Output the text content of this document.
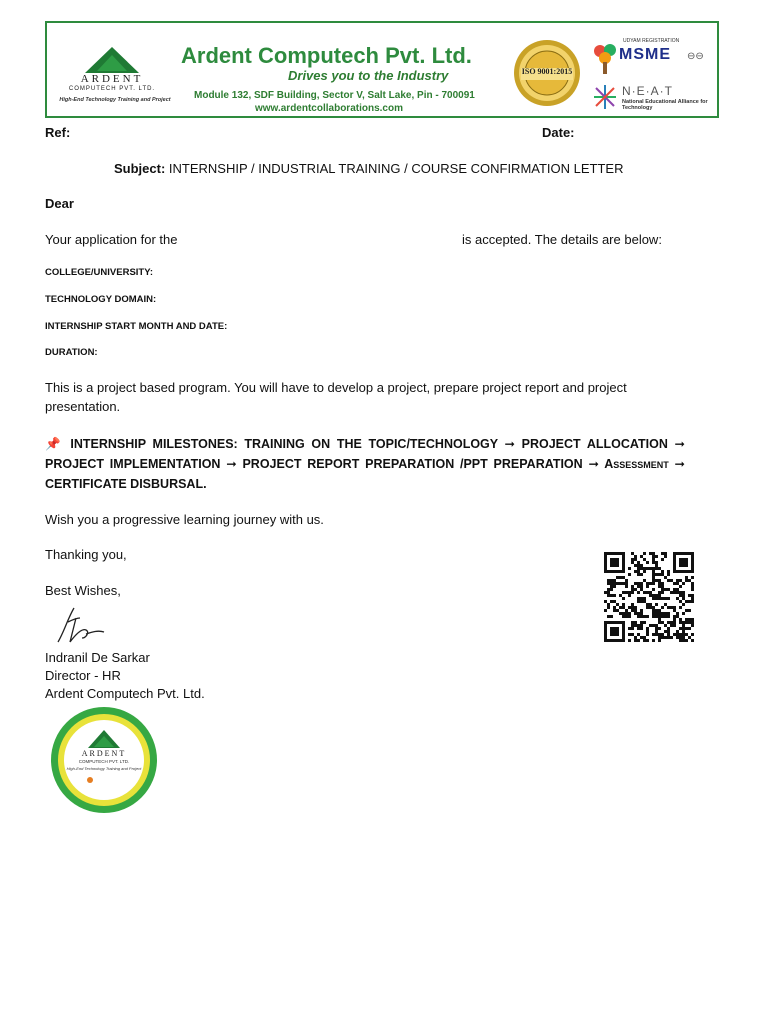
ARDENT
COMPUTECH PVT. LTD.
High-End Technology Training and Project
Ardent Computech Pvt. Ltd.
Drives you to the Industry
Module 132, SDF Building, Sector V, Salt Lake, Pin - 700091
www.ardentcollaborations.com
ISO 9001:2015
UDYAM REGISTRATION
MSME ⊖⊖
N·E·A·T
National Educational Alliance for Technology
Ref:	Date:
Subject: INTERNSHIP / INDUSTRIAL TRAINING / COURSE CONFIRMATION LETTER
Dear
Your application for the	is accepted. The details are below:
COLLEGE/UNIVERSITY:
TECHNOLOGY DOMAIN:
INTERNSHIP START MONTH AND DATE:
DURATION:
This is a project based program. You will have to develop a project, prepare project report and project presentation.
📌 INTERNSHIP MILESTONES: TRAINING ON THE TOPIC/TECHNOLOGY ➞ PROJECT ALLOCATION ➞ PROJECT IMPLEMENTATION ➞ PROJECT REPORT PREPARATION /PPT PREPARATION ➞ Assessment ➞ CERTIFICATE DISBURSAL.
Wish you a progressive learning journey with us.
Thanking you,
Best Wishes,
Indranil De Sarkar
Director - HR
Ardent Computech Pvt. Ltd.
ARDENT
COMPUTECH PVT. LTD.
High-End Technology Training and Project
